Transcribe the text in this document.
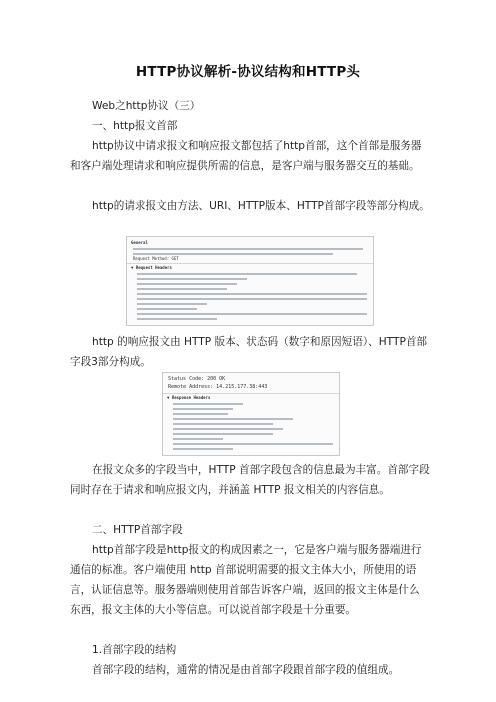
HTTP协议解析-协议结构和HTTP头
Web之http协议（三）
一、http报文首部
http协议中请求报文和响应报文都包括了http首部，这个首部是服务器和客户端处理请求和响应提供所需的信息，是客户端与服务器交互的基础。
http的请求报文由方法、URI、HTTP版本、HTTP首部字段等部分构成。
General
Request Method: GET
▼ Request Headers
http 的响应报文由 HTTP 版本、状态码（数字和原因短语）、HTTP首部字段3部分构成。
Status Code: 200 OK
Remote Address: 14.215.177.38:443
▼ Response Headers
在报文众多的字段当中，HTTP 首部字段包含的信息最为丰富。首部字段同时存在于请求和响应报文内，并涵盖 HTTP 报文相关的内容信息。
二、HTTP首部字段
http首部字段是http报文的构成因素之一，它是客户端与服务器端进行通信的标准。客户端使用 http 首部说明需要的报文主体大小，所使用的语言，认证信息等。服务器端则使用首部告诉客户端，返回的报文主体是什么东西，报文主体的大小等信息。可以说首部字段是十分重要。
1.首部字段的结构
首部字段的结构，通常的情况是由首部字段跟首部字段的值组成。
